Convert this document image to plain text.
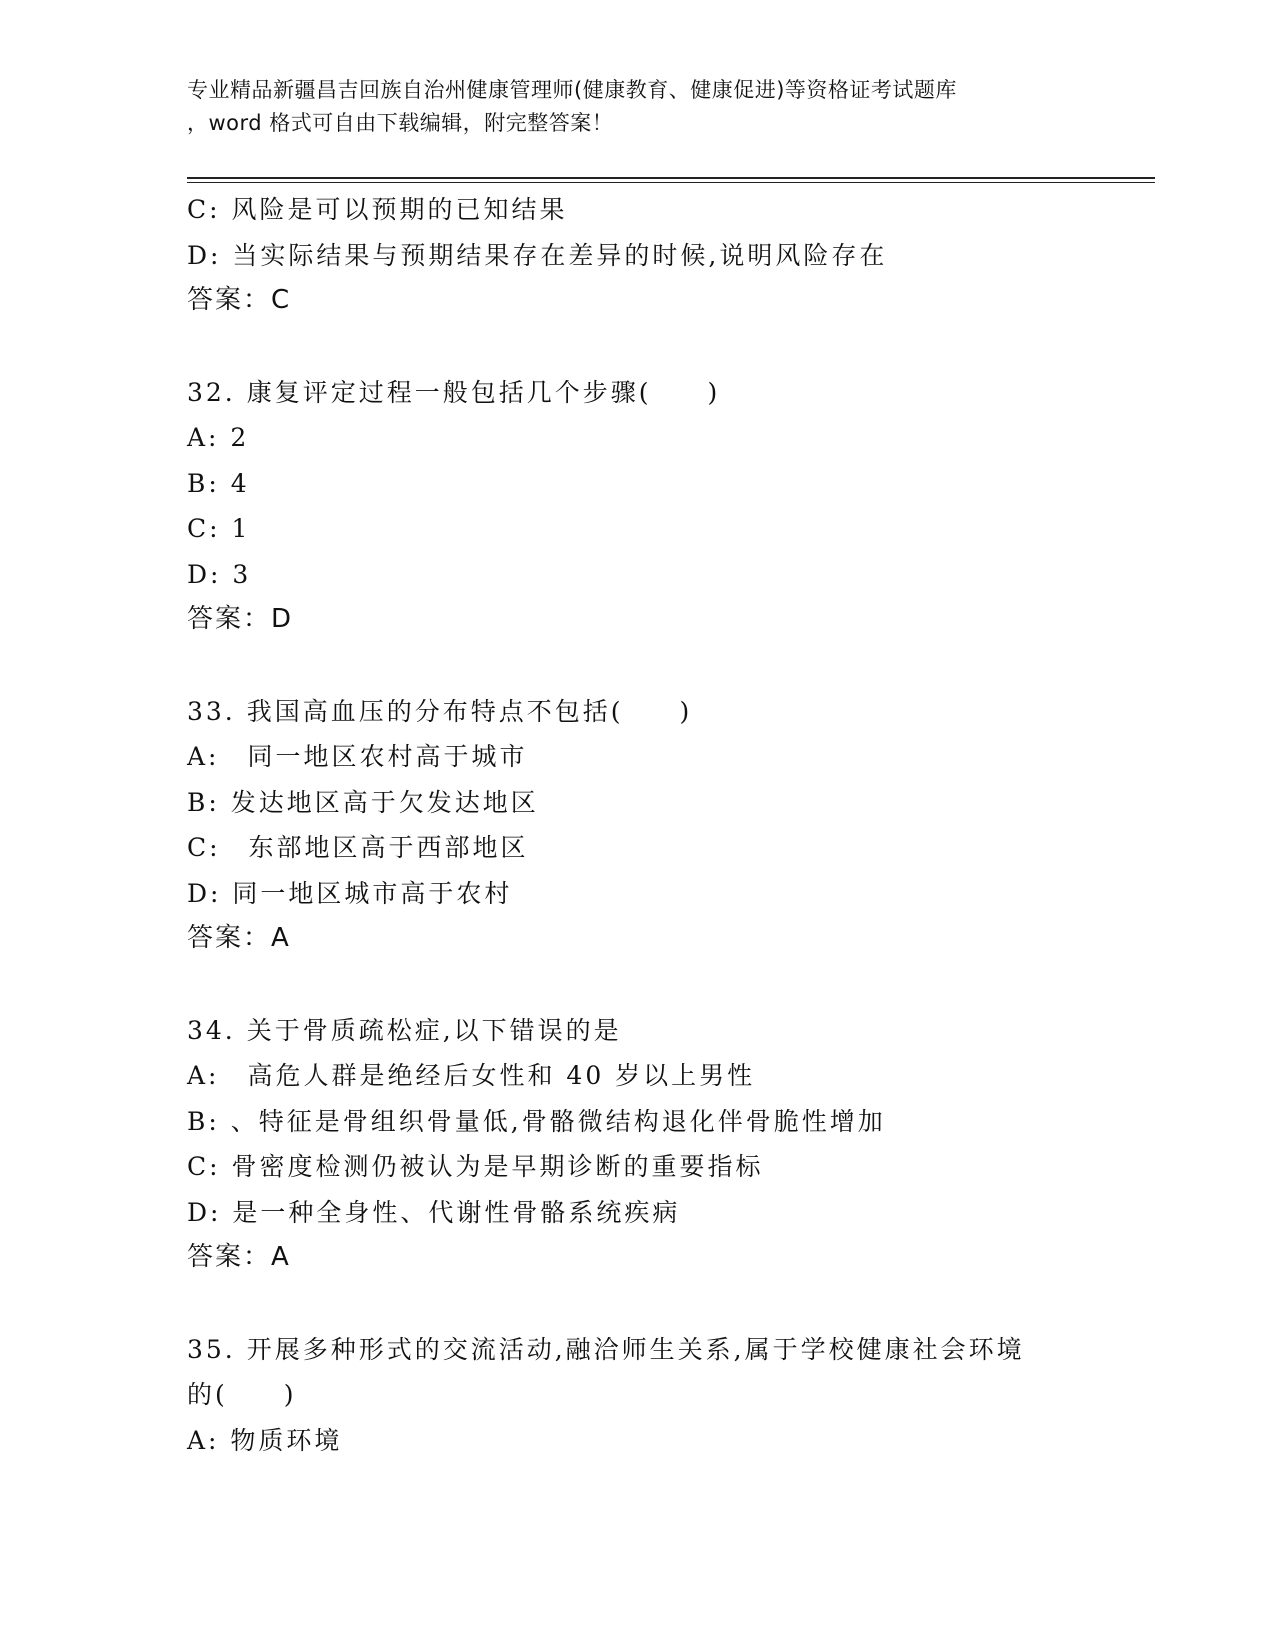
专业精品新疆昌吉回族自治州健康管理师(健康教育、健康促进)等资格证考试题库
，word 格式可自由下载编辑，附完整答案！
C: 风险是可以预期的已知结果
D: 当实际结果与预期结果存在差异的时候,说明风险存在
答案：C
32. 康复评定过程一般包括几个步骤(　　)
A: 2
B: 4
C: 1
D: 3
答案：D
33. 我国高血压的分布特点不包括(　　)
A:　同一地区农村高于城市
B: 发达地区高于欠发达地区
C:　东部地区高于西部地区
D: 同一地区城市高于农村
答案：A
34. 关于骨质疏松症,以下错误的是
A:　高危人群是绝经后女性和 40 岁以上男性
B: 、特征是骨组织骨量低,骨骼微结构退化伴骨脆性增加
C: 骨密度检测仍被认为是早期诊断的重要指标
D: 是一种全身性、代谢性骨骼系统疾病
答案：A
35. 开展多种形式的交流活动,融洽师生关系,属于学校健康社会环境
的(　　)
A: 物质环境
